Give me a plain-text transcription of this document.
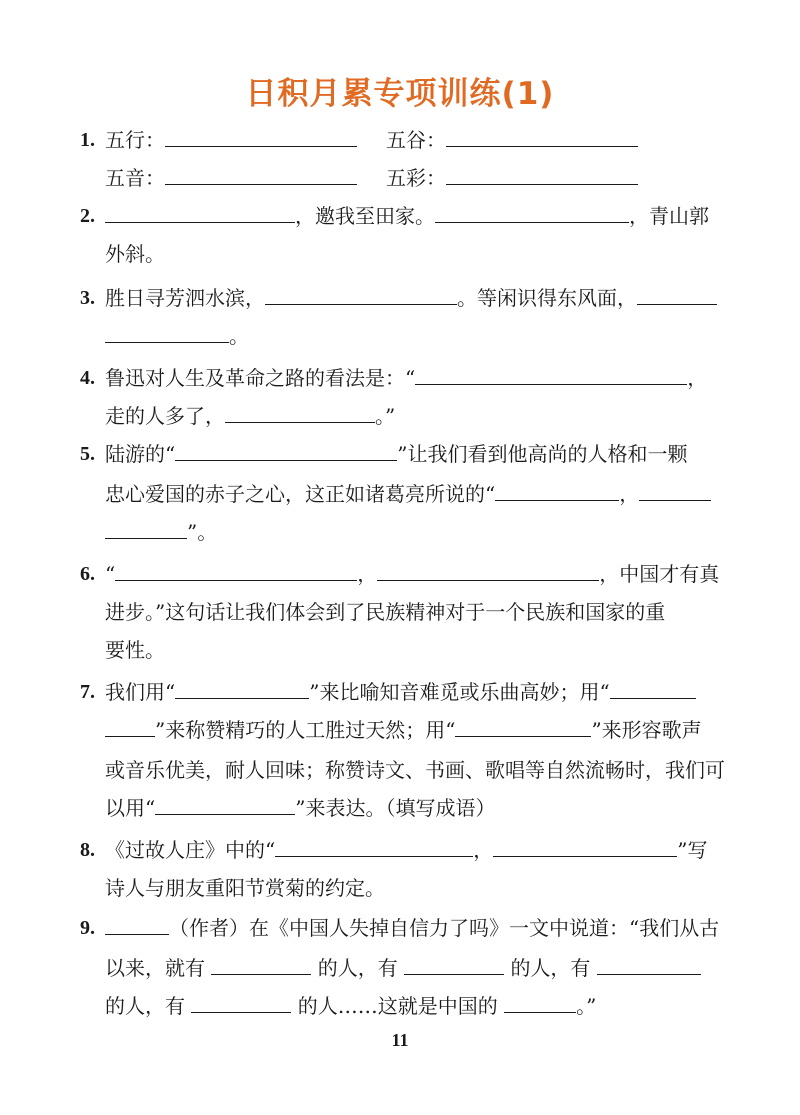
日积月累专项训练(1)
1. 五行：	五谷：
五音：	五彩：
2.	，邀我至田家。	，青山郭
外斜。
3. 胜日寻芳泗水滨，	。等闲识得东风面，
。
4. 鲁迅对人生及革命之路的看法是：“	，
走的人多了，	。”
5. 陆游的“	”让我们看到他高尚的人格和一颗
忠心爱国的赤子之心，这正如诸葛亮所说的“	，
”。
6. “	，	，中国才有真
进步。”这句话让我们体会到了民族精神对于一个民族和国家的重
要性。
7. 我们用“	”来比喻知音难觅或乐曲高妙；用“
”来称赞精巧的人工胜过天然；用“	”来形容歌声
或音乐优美，耐人回味；称赞诗文、书画、歌唱等自然流畅时，我们可
以用“	”来表达。（填写成语）
8. 《过故人庄》中的“	，	”写
诗人与朋友重阳节赏菊的约定。
9.	（作者）在《中国人失掉自信力了吗》一文中说道：“我们从古
以来，就有	的人，有	的人，有
的人，有	的人……这就是中国的	。”
11
